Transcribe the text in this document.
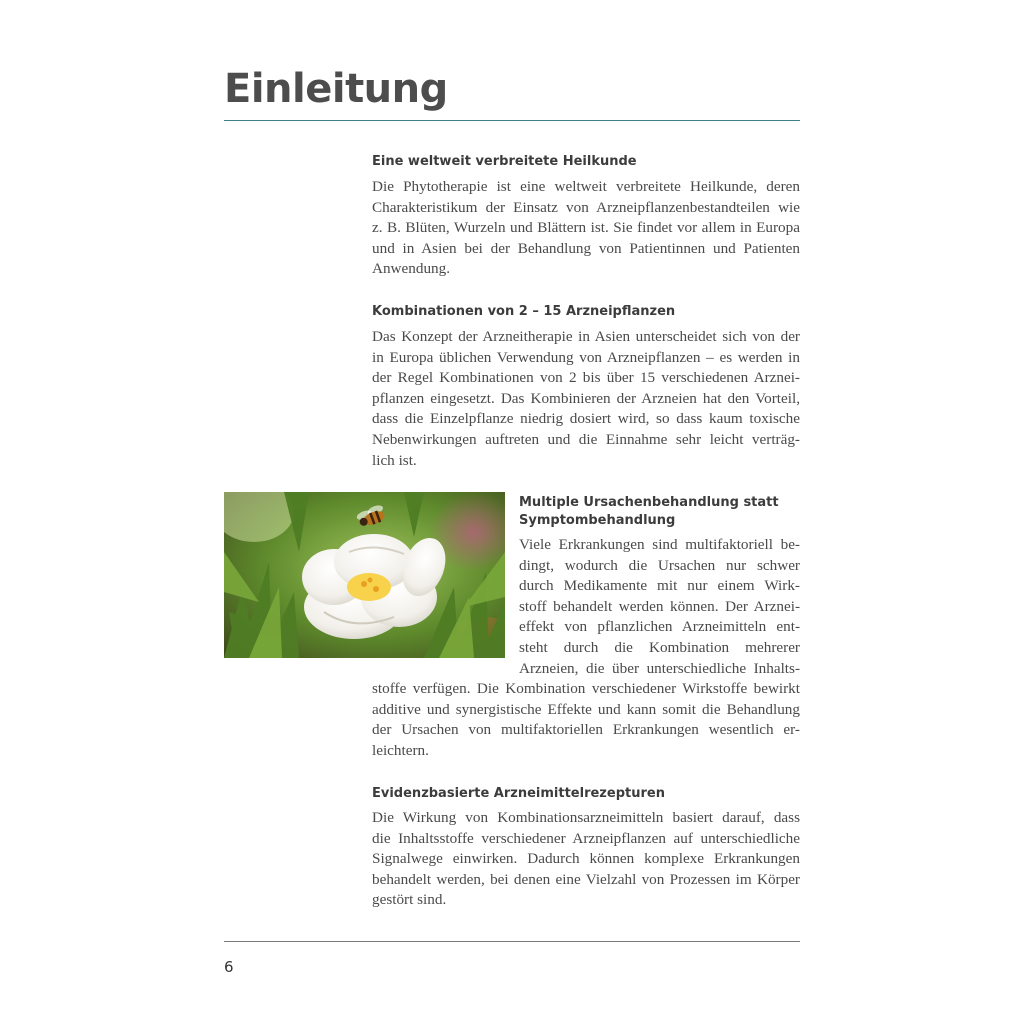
Einleitung
Eine weltweit verbreitete Heilkunde
Die Phytotherapie ist eine weltweit verbreitete Heilkunde, deren
Charakteristikum der Einsatz von Arzneipflanzenbestandteilen wie
z. B. Blüten, Wurzeln und Blättern ist. Sie findet vor allem in Europa
und in Asien bei der Behandlung von Patientinnen und Patienten
Anwendung.
Kombinationen von 2 – 15 Arzneipflanzen
Das Konzept der Arzneitherapie in Asien unterscheidet sich von der
in Europa üblichen Verwendung von Arzneipflanzen – es werden in
der Regel Kombinationen von 2 bis über 15 verschiedenen Arznei-
pflanzen eingesetzt. Das Kombinieren der Arzneien hat den Vorteil,
dass die Einzelpflanze niedrig dosiert wird, so dass kaum toxische
Nebenwirkungen auftreten und die Einnahme sehr leicht verträg-
lich ist.
Multiple Ursachenbehandlung statt
Symptombehandlung
Viele Erkrankungen sind multifaktoriell be-
dingt, wodurch die Ursachen nur schwer
durch Medikamente mit nur einem Wirk-
stoff behandelt werden können. Der Arznei-
effekt von pflanzlichen Arzneimitteln ent-
steht durch die Kombination mehrerer
Arzneien, die über unterschiedliche Inhalts-
stoffe verfügen. Die Kombination verschiedener Wirkstoffe bewirkt
additive und synergistische Effekte und kann somit die Behandlung
der Ursachen von multifaktoriellen Erkrankungen wesentlich er-
leichtern.
Evidenzbasierte Arzneimittelrezepturen
Die Wirkung von Kombinationsarzneimitteln basiert darauf, dass
die Inhaltsstoffe verschiedener Arzneipflanzen auf unterschiedliche
Signalwege einwirken. Dadurch können komplexe Erkrankungen
behandelt werden, bei denen eine Vielzahl von Prozessen im Körper
gestört sind.
6
